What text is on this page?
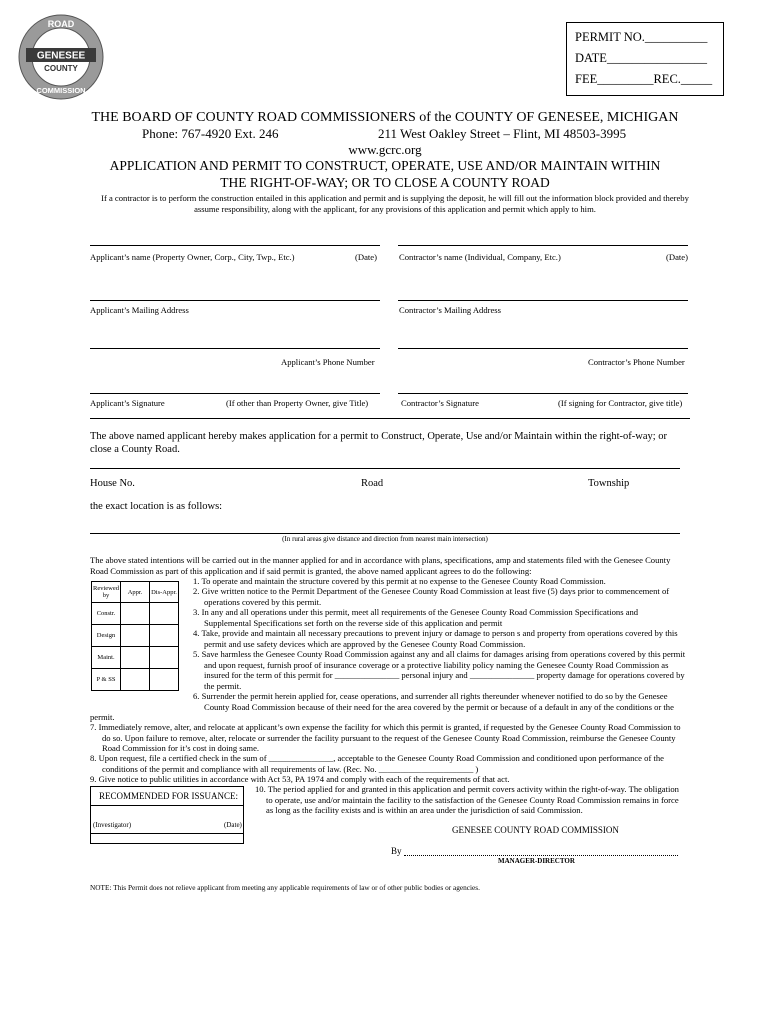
ROAD
GENESEE
COUNTY
COMMISSION
PERMIT NO.__________
DATE________________
FEE_________REC._____
THE BOARD OF COUNTY ROAD COMMISSIONERS of the COUNTY OF GENESEE, MICHIGAN
Phone: 767-4920 Ext. 246	211 West Oakley Street – Flint, MI 48503-3995
www.gcrc.org
APPLICATION AND PERMIT TO CONSTRUCT, OPERATE, USE AND/OR MAINTAIN WITHIN
THE RIGHT-OF-WAY; OR TO CLOSE A COUNTY ROAD
If a contractor is to perform the construction entailed in this application and permit and is supplying the deposit, he will fill out the information block provided and thereby assume responsibility, along with the applicant, for any provisions of this application and permit which apply to him.
Applicant’s name (Property Owner, Corp., City, Twp., Etc.)	(Date)	Contractor’s name (Individual, Company, Etc.)	(Date)
Applicant’s Mailing Address	Contractor’s Mailing Address
Applicant’s Phone Number	Contractor’s Phone Number
Applicant’s Signature	(If other than Property Owner, give Title)	Contractor’s Signature	(If signing for Contractor, give title)
The above named applicant hereby makes application for a permit to Construct, Operate, Use and/or Maintain within the right-of-way; or close a County Road.
House No.	Road	Township
the exact location is as follows:
(In rural areas give distance and direction from nearest main intersection)
The above stated intentions will be carried out in the manner applied for and in accordance with plans, specifications, amp and statements filed with the Genesee County Road Commission as part of this application and if said permit is granted, the above named applicant agrees to do the following:
Reviewed by	Appr.	Dis-Appr.
Constr.		
Design		
Maint.		
P & SS		
1. To operate and maintain the structure covered by this permit at no expense to the Genesee County Road Commission.
2. Give written notice to the Permit Department of the Genesee County Road Commission at least five (5) days prior to commencement of
operations covered by this permit.
3. In any and all operations under this permit, meet all requirements of the Genesee County Road Commission Specifications and
Supplemental Specifications set forth on the reverse side of this application and permit
4. Take, provide and maintain all necessary precautions to prevent injury or damage to person s and property from operations covered by this
permit and use safety devices which are approved by the Genesee County Road Commission.
5. Save harmless the Genesee County Road Commission against any and all claims for damages arising from operations covered by this permit
and upon request, furnish proof of insurance coverage or a protective liability policy naming the Genesee County Road Commission as
insured for the term of this permit for _______________ personal injury and _______________ property damage for operations covered by
the permit.
6. Surrender the permit herein applied for, cease operations, and surrender all rights thereunder whenever notified to do so by the Genesee
County Road Commission because of their need for the area covered by the permit or because of a default in any of the conditions or the
permit.
7. Immediately remove, alter, and relocate at applicant’s own expense the facility for which this permit is granted, if requested by the Genesee County Road Commission to
do so. Upon failure to remove, alter, relocate or surrender the facility pursuant to the request of the Genesee County Road Commission, reimburse the Genesee County
Road Commission for it’s cost in doing same.
8. Upon request, file a certified check in the sum of _______________, acceptable to the Genesee County Road Commission and conditioned upon performance of the
conditions of the permit and compliance with all requirements of law. (Rec. No. ______________________ )
9. Give notice to public utilities in accordance with Act 53, PA 1974 and comply with each of the requirements of that act.
RECOMMENDED FOR ISSUANCE:
(Investigator)	(Date)
10. The period applied for and granted in this application and permit covers activity within the right-of-way. The obligation
to operate, use and/or maintain the facility to the satisfaction of the Genesee County Road Commission remains in force
as long as the facility exists and is within an area under the jurisdiction of said Commission.
GENESEE COUNTY ROAD COMMISSION
By
MANAGER-DIRECTOR
NOTE: This Permit does not relieve applicant from meeting any applicable requirements of law or of other public bodies or agencies.
